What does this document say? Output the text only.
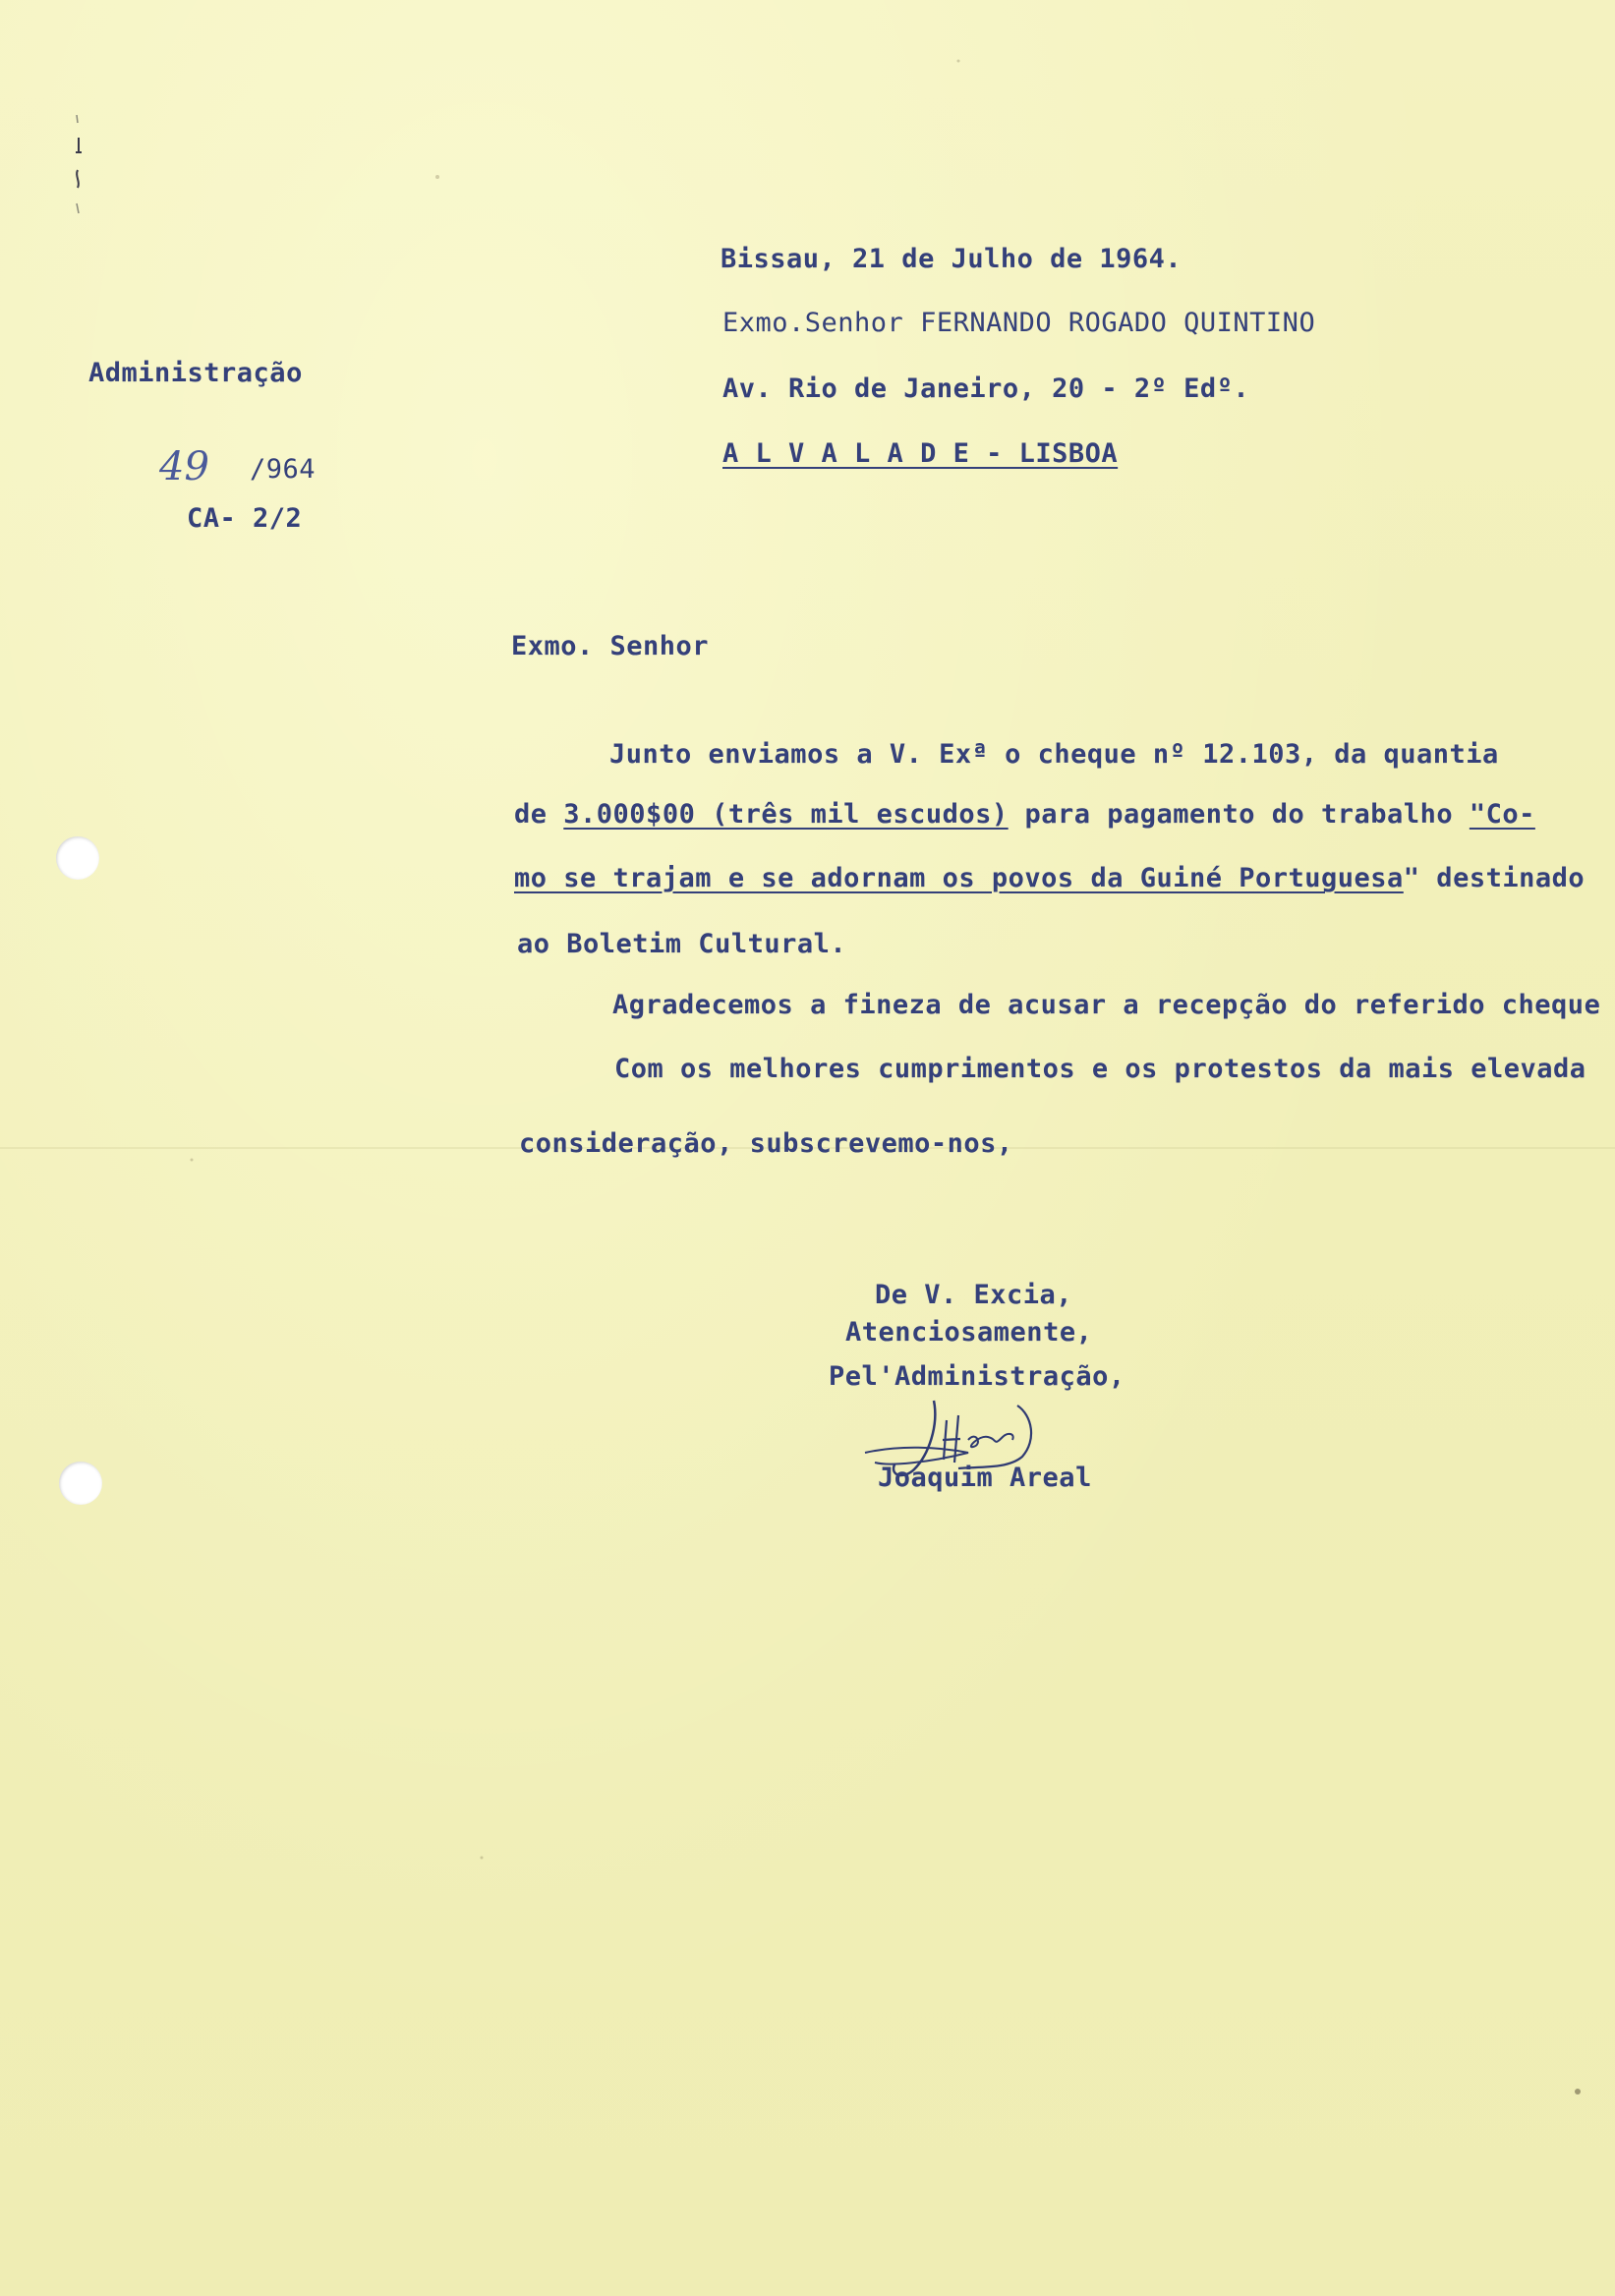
Bissau, 21 de Julho de 1964.
Exmo.Senhor FERNANDO ROGADO QUINTINO
Av. Rio de Janeiro, 20 - 2º Edº.
A L V A L A D E - LISBOA
Administração
49 /964
CA- 2/2
Exmo. Senhor
Junto enviamos a V. Exª o cheque nº 12.103, da quantia
de 3.000$00 (três mil escudos) para pagamento do trabalho "Co-
mo se trajam e se adornam os povos da Guiné Portuguesa" destinado
ao Boletim Cultural.
Agradecemos a fineza de acusar a recepção do referido cheque
Com os melhores cumprimentos e os protestos da mais elevada
consideração, subscrevemo-nos,
De V. Excia,
Atenciosamente,
Pel'Administração,
Joaquim Areal
